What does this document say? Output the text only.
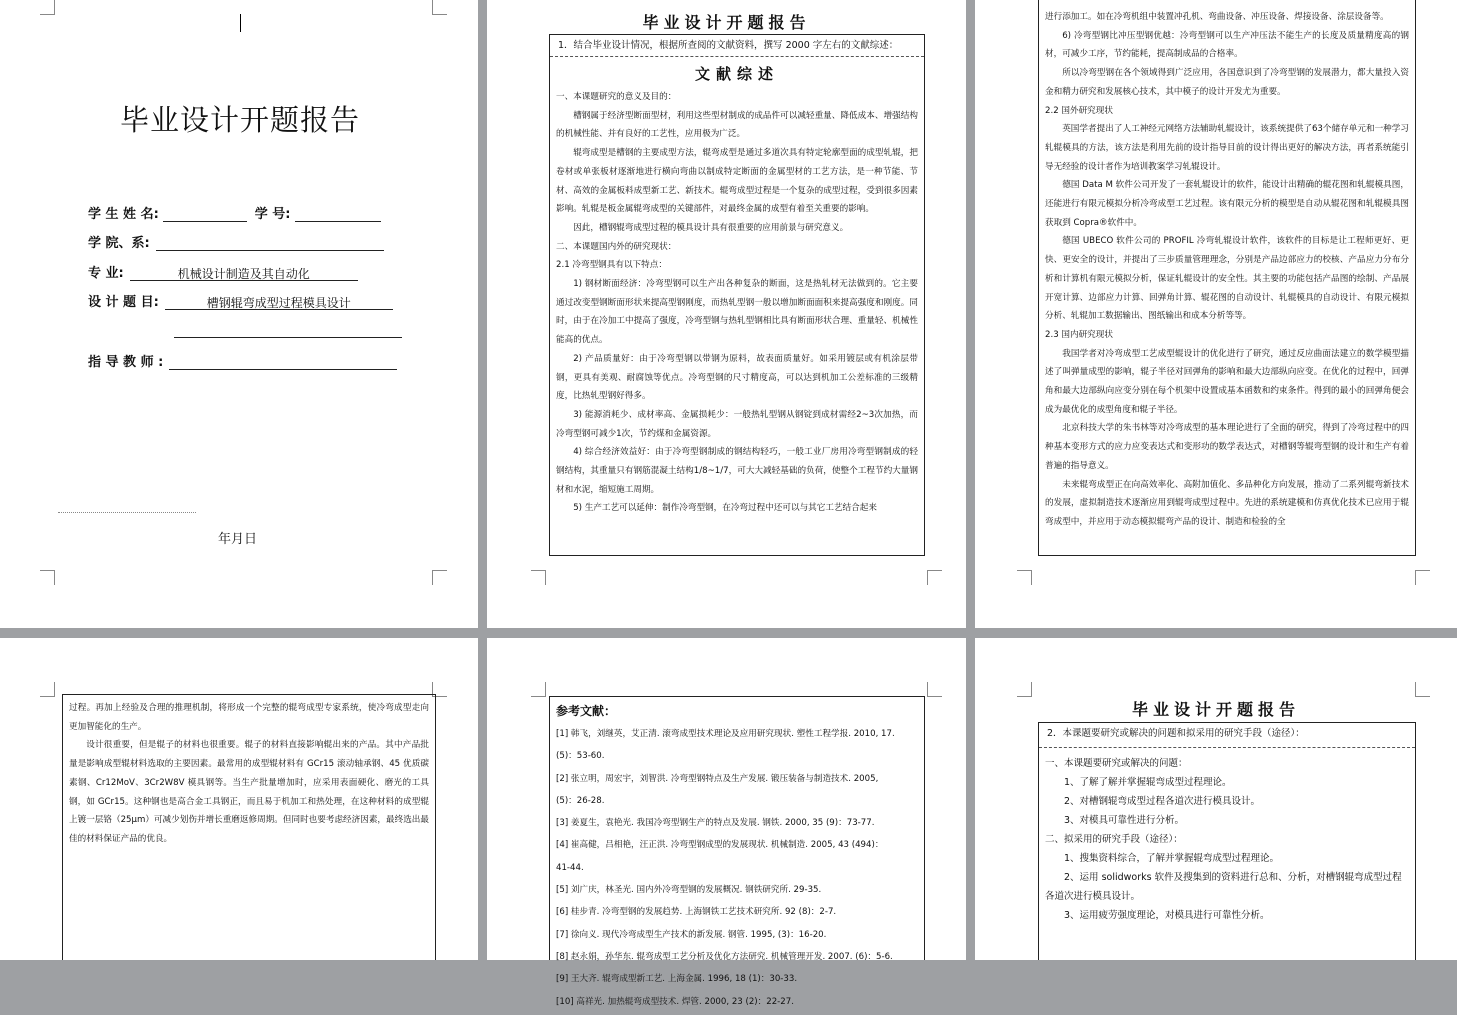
毕业设计开题报告
学 生 姓 名:	学 号:
学 院、系:
专 业:	机械设计制造及其自动化
设 计 题 目:	槽钢辊弯成型过程模具设计
指 导 教 师 :
年月日
毕业设计开题报告
1．结合毕业设计情况，根据所查阅的文献资料，撰写 2000 字左右的文献综述：
文献综述

一、本课题研究的意义及目的：

槽钢属于经济型断面型材，利用这些型材制成的成品件可以减轻重量、降低成本、增强结构的机械性能、并有良好的工艺性，应用极为广泛。

辊弯成型是槽钢的主要成型方法，辊弯成型是通过多道次具有特定轮廓型面的成型轧辊，把卷材或单张板材逐渐地进行横向弯曲以制成特定断面的金属型材的工艺方法，是一种节能、节材、高效的金属板料成型新工艺、新技术。辊弯成型过程是一个复杂的成型过程，受到很多因素影响。轧辊是板金属辊弯成型的关键部件，对最终金属的成型有着至关重要的影响。

因此，槽钢辊弯成型过程的模具设计具有很重要的应用前景与研究意义。

二、本课题国内外的研究现状：

2.1 冷弯型钢具有以下特点：

1) 钢材断面经济：冷弯型钢可以生产出各种复杂的断面，这是热轧材无法做到的。它主要通过改变型钢断面形状来提高型钢刚度，而热轧型钢一般以增加断面面积来提高强度和刚度。同时，由于在冷加工中提高了强度，冷弯型钢与热轧型钢相比具有断面形状合理、重量轻、机械性能高的优点。

2) 产品质量好：由于冷弯型钢以带钢为原料，故表面质量好。如采用镀层或有机涂层带钢，更具有美观、耐腐蚀等优点。冷弯型钢的尺寸精度高，可以达到机加工公差标准的三级精度，比热轧型钢好得多。

3) 能源消耗少、成材率高、金属损耗少：一般热轧型钢从钢锭到成材需经2~3次加热，而冷弯型钢可减少1次，节约煤和金属资源。

4) 综合经济效益好：由于冷弯型钢制成的钢结构轻巧，一般工业厂房用冷弯型钢制成的轻钢结构，其重量只有钢筋混凝土结构1/8~1/7，可大大减轻基础的负荷，使整个工程节约大量钢材和水泥，缩短施工周期。

5) 生产工艺可以延伸：制作冷弯型钢，在冷弯过程中还可以与其它工艺结合起来

进行添加工。如在冷弯机组中装置冲孔机、弯曲设备、冲压设备、焊接设备、涂层设备等。

6) 冷弯型钢比冲压型钢优越：冷弯型钢可以生产冲压法不能生产的长度及质量精度高的钢材，可减少工序，节约能耗，提高制成品的合格率。

所以冷弯型钢在各个领域得到广泛应用，各国意识到了冷弯型钢的发展潜力，都大量投入资金和精力研究和发展核心技术，其中模子的设计开发尤为重要。

2.2 国外研究现状

英国学者提出了人工神经元网络方法辅助轧辊设计，该系统提供了63个储存单元和一种学习轧辊模具的方法，该方法是利用先前的设计指导目前的设计得出更好的解决方法，再者系统能引导无经验的设计者作为培训教案学习轧辊设计。

德国 Data M 软件公司开发了一套轧辊设计的软件，能设计出精确的辊花图和轧辊模具图，还能进行有限元模拟分析冷弯成型工艺过程。该有限元分析的模型是自动从辊花图和轧辊模具图获取到 Copra®软件中。

德国 UBECO 软件公司的 PROFIL 冷弯轧辊设计软件，该软件的目标是让工程师更好、更快、更安全的设计，并提出了三步质量管理理念，分别是产品边部应力的校核、产品应力分布分析和计算机有限元模拟分析，保证轧辊设计的安全性。其主要的功能包括产品图的绘制、产品展开宽计算、边部应力计算、回弹角计算、辊花图的自动设计、轧辊模具的自动设计、有限元模拟分析、轧辊加工数据输出、图纸输出和成本分析等等。

2.3 国内研究现状

我国学者对冷弯成型工艺成型辊设计的优化进行了研究，通过反应曲面法建立的数学模型描述了叫弹量成型的影响，辊子半径对回弹角的影响和最大边部纵向应变。在优化的过程中，回弹角和最大边部纵向应变分别在每个机架中设置成基本函数和约束条件。得到的最小的回弹角便会成为最优化的成型角度和辊子半径。

北京科技大学的朱书林等对冷弯成型的基本理论进行了全面的研究，得到了冷弯过程中的四种基本变形方式的应力应变表达式和变形功的数学表达式，对槽钢等辊弯型钢的设计和生产有着普遍的指导意义。

未来辊弯成型正在向高效率化、高附加值化、多品种化方向发展，推动了二系列辊弯新技术的发展，虚拟制造技术逐渐应用到辊弯成型过程中。先进的系统建模和仿真优化技术已应用于辊弯成型中，并应用于动态模拟辊弯产品的设计、制造和检验的全

过程。再加上经验及合理的推理机制，将形成一个完整的辊弯成型专家系统，使冷弯成型走向更加智能化的生产。

设计很重要，但是辊子的材料也很重要。辊子的材料直接影响辊出来的产品。其中产品批量是影响成型辊材料选取的主要因素。最常用的成型辊材料有 GCr15 滚动轴承钢、45 优质碳素钢、Cr12MoV、3Cr2W8V 模具钢等。当生产批量增加时，应采用表面硬化、磨光的工具钢，如 GCr15。这种钢也是高合金工具钢正，而且易于机加工和热处理，在这种材料的成型辊上镀一层铬（25μm）可减少划伤并增长重磨返修周期。但同时也要考虑经济因素，最终选出最佳的材料保证产品的优良。

参考文献：

[1] 韩飞，刘继英，艾正清. 滚弯成型技术理论及应用研究现状. 塑性工程学报. 2010, 17.

(5)：53-60.

[2] 张立明，周宏宇，刘智洪. 冷弯型钢特点及生产发展. 锻压装备与制造技术. 2005,

(5)：26-28.

[3] 姜夏生，袁艳光. 我国冷弯型钢生产的特点及发展. 钢铁. 2000, 35 (9)：73-77.

[4] 崔高健，吕相艳，汪正洪. 冷弯型钢成型的发展现状. 机械制造. 2005, 43 (494)：

41-44.

[5] 刘广庆，林圣光. 国内外冷弯型钢的发展概况. 钢铁研究所. 29-35.

[6] 桂步青. 冷弯型钢的发展趋势. 上海钢铁工艺技术研究所. 92 (8)：2-7.

[7] 徐向义. 现代冷弯成型生产技术的新发展. 钢管. 1995, (3)：16-20.

[8] 赵永娟，孙华东. 辊弯成型工艺分析及优化方法研究. 机械管理开发. 2007. (6)：5-6.

[9] 王大齐. 辊弯成型新工艺. 上海金属. 1996, 18 (1)：30-33.

[10] 高祥光. 加热辊弯成型技术. 焊管. 2000, 23 (2)：22-27.

毕业设计开题报告
2．本课题要研究或解决的问题和拟采用的研究手段（途径）：

一、本课题要研究或解决的问题：

1、了解了解并掌握辊弯成型过程理论。

2、对槽钢辊弯成型过程各道次进行模具设计。

3、对模具可靠性进行分析。

二、拟采用的研究手段（途径）：

1、搜集资料综合，了解并掌握辊弯成型过程理论。

2、运用 solidworks 软件及搜集到的资料进行总和、分析，对槽钢辊弯成型过程各道次进行模具设计。

3、运用疲劳强度理论，对模具进行可靠性分析。
